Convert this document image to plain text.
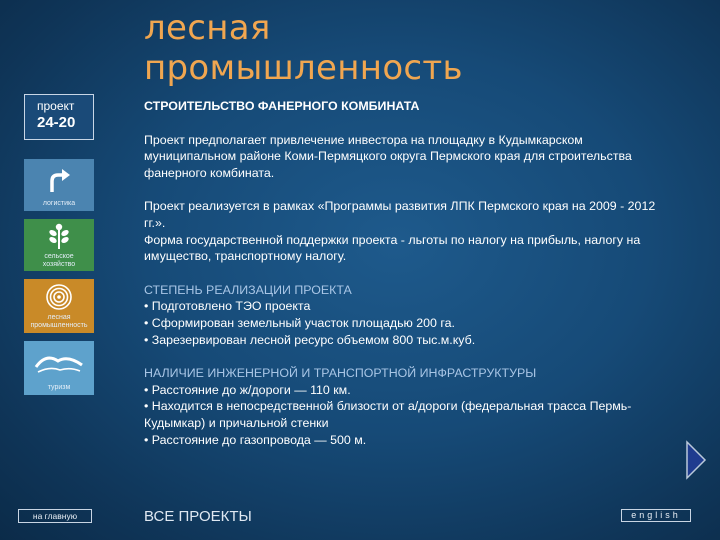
лесная
промышленность
проект
24-20
логистика
сельское
хозяйство
лесная
промышленность
туризм

СТРОИТЕЛЬСТВО ФАНЕРНОГО КОМБИНАТА

Проект предполагает привлечение инвестора на площадку в Кудымкарском муниципальном районе Коми-Пермяцкого округа Пермского края для строительства фанерного комбината.

Проект реализуется в рамках «Программы развития ЛПК Пермского края на 2009 - 2012 гг.».

Форма государственной поддержки проекта - льготы по налогу на прибыль, налогу на имущество, транспортному налогу.

СТЕПЕНЬ РЕАЛИЗАЦИИ ПРОЕКТА

• Подготовлено ТЭО проекта

• Сформирован земельный участок площадью 200 га.

• Зарезервирован лесной ресурс объемом 800 тыс.м.куб.

НАЛИЧИЕ ИНЖЕНЕРНОЙ И ТРАНСПОРТНОЙ ИНФРАСТРУКТУРЫ

• Расстояние до ж/дороги — 110 км.

• Находится в непосредственной близости от а/дороги (федеральная трасса Пермь-Кудымкар) и причальной стенки

• Расстояние до газопровода — 500 м.

на главную	ВСЕ ПРОЕКТЫ	english
